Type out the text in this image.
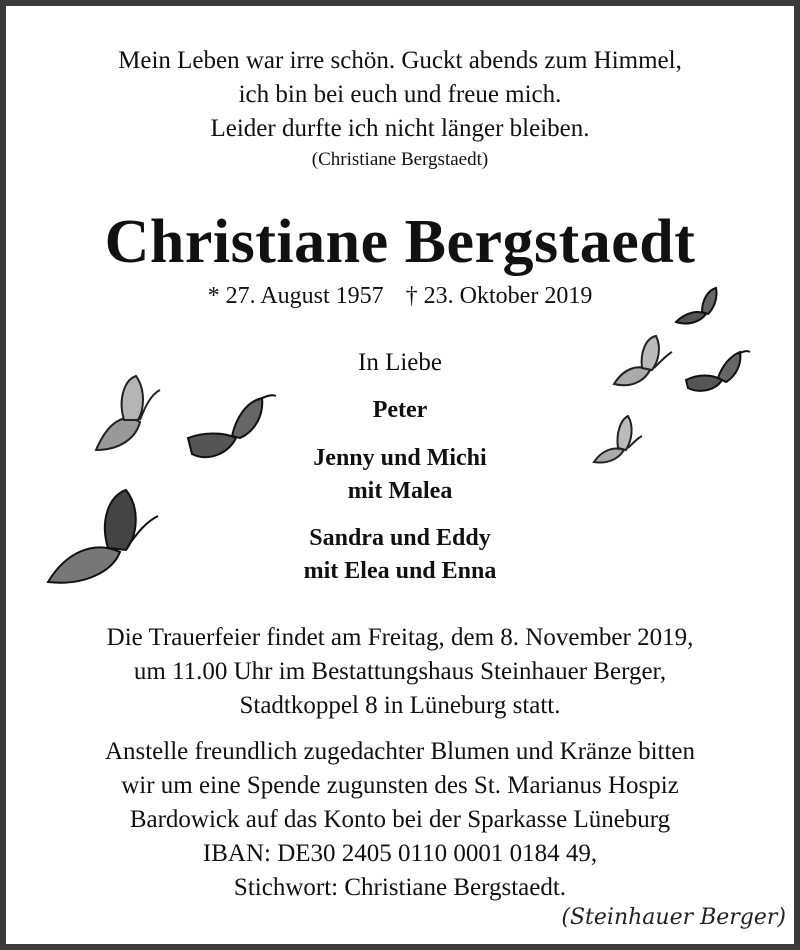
Mein Leben war irre schön. Guckt abends zum Himmel,
ich bin bei euch und freue mich.
Leider durfte ich nicht länger bleiben.
(Christiane Bergstaedt)
Christiane Bergstaedt
* 27. August 1957 † 23. Oktober 2019
In Liebe
Peter
Jenny und Michi
mit Malea
Sandra und Eddy
mit Elea und Enna
Die Trauerfeier findet am Freitag, dem 8. November 2019,
um 11.00 Uhr im Bestattungshaus Steinhauer Berger,
Stadtkoppel 8 in Lüneburg statt.
Anstelle freundlich zugedachter Blumen und Kränze bitten
wir um eine Spende zugunsten des St. Marianus Hospiz
Bardowick auf das Konto bei der Sparkasse Lüneburg
IBAN: DE30 2405 0110 0001 0184 49,
Stichwort: Christiane Bergstaedt.
(Steinhauer Berger)
